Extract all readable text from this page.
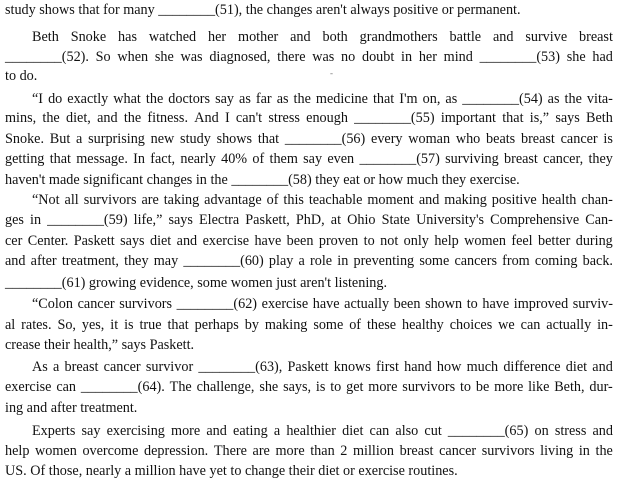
study shows that for many ________(51), the changes aren't always positive or permanent.
Beth Snoke has watched her mother and both grandmothers battle and survive breast
________(52). So when she was diagnosed, there was no doubt in her mind ________(53) she had
to do.
“I do exactly what the doctors say as far as the medicine that I'm on, as ________(54) as the vita-
mins, the diet, and the fitness. And I can't stress enough ________(55) important that is,” says Beth
Snoke. But a surprising new study shows that ________(56) every woman who beats breast cancer is
getting that message. In fact, nearly 40% of them say even ________(57) surviving breast cancer, they
haven't made significant changes in the ________(58) they eat or how much they exercise.
“Not all survivors are taking advantage of this teachable moment and making positive health chan-
ges in ________(59) life,” says Electra Paskett, PhD, at Ohio State University's Comprehensive Can-
cer Center. Paskett says diet and exercise have been proven to not only help women feel better during
and after treatment, they may ________(60) play a role in preventing some cancers from coming back.
________(61) growing evidence, some women just aren't listening.
“Colon cancer survivors ________(62) exercise have actually been shown to have improved surviv-
al rates. So, yes, it is true that perhaps by making some of these healthy choices we can actually in-
crease their health,” says Paskett.
As a breast cancer survivor ________(63), Paskett knows first hand how much difference diet and
exercise can ________(64). The challenge, she says, is to get more survivors to be more like Beth, dur-
ing and after treatment.
Experts say exercising more and eating a healthier diet can also cut ________(65) on stress and
help women overcome depression. There are more than 2 million breast cancer survivors living in the
US. Of those, nearly a million have yet to change their diet or exercise routines.
-
